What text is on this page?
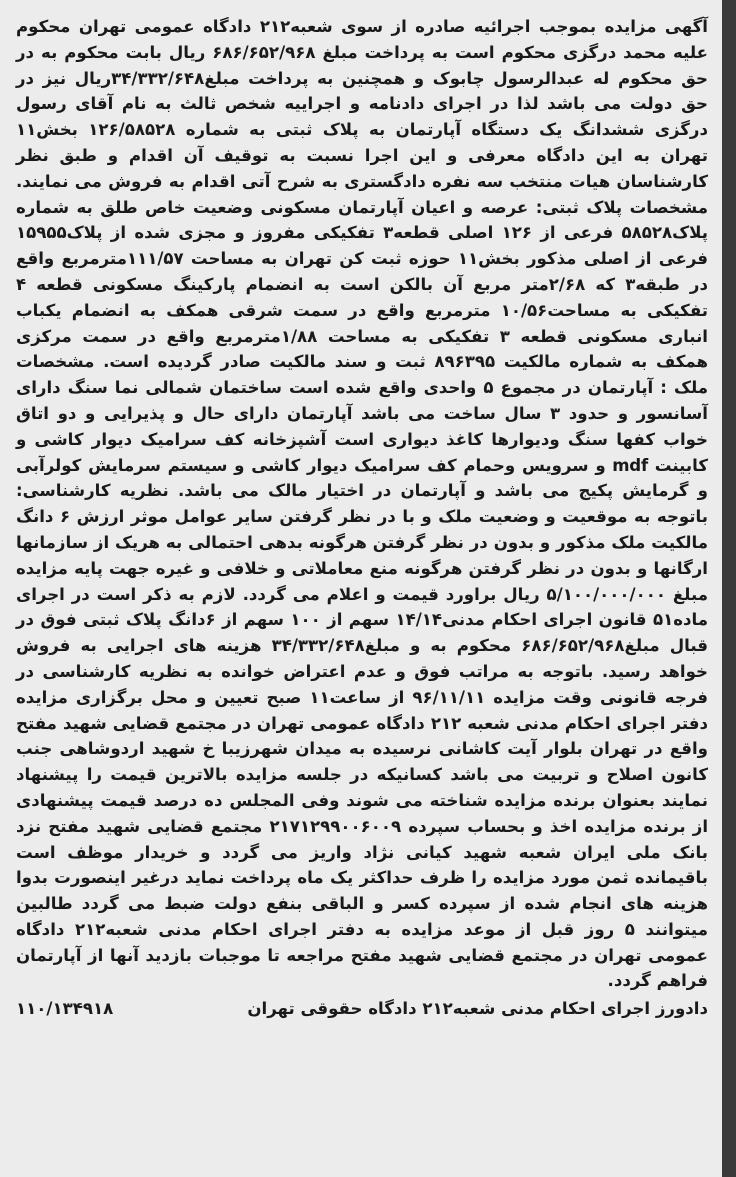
آگهی مزایده بموجب اجرائیه صادره از سوی شعبه۲۱۲ دادگاه عمومی تهران محکوم علیه محمد درگزی محکوم است به پرداخت مبلغ ۶۸۶/۶۵۲/۹۶۸ ریال بابت محکوم به در حق محکوم له عبدالرسول چابوک و همچنین به پرداخت مبلغ۳۴/۳۳۲/۶۴۸ریال نیز در حق دولت می باشد لذا در اجرای دادنامه و اجراییه شخص ثالث به نام آقای رسول درگزی ششدانگ یک دستگاه آپارتمان به پلاک ثبتی به شماره ۱۲۶/۵۸۵۲۸ بخش۱۱ تهران به این دادگاه معرفی و این اجرا نسبت به توقیف آن اقدام و طبق نظر کارشناسان هیات منتخب سه نفره دادگستری به شرح آتی اقدام به فروش می نمایند. مشخصات پلاک ثبتی: عرصه و اعیان آپارتمان مسکونی وضعیت خاص طلق به شماره پلاک۵۸۵۲۸ فرعی از ۱۲۶ اصلی قطعه۳ تفکیکی مفروز و مجزی شده از پلاک۱۵۹۵۵ فرعی از اصلی مذکور بخش۱۱ حوزه ثبت کن تهران به مساحت ۱۱۱/۵۷مترمربع واقع در طبقه۳ که ۲/۶۸متر مربع آن بالکن است به انضمام پارکینگ مسکونی قطعه ۴ تفکیکی به مساحت۱۰/۵۶ مترمربع واقع در سمت شرقی همکف به انضمام یکباب انباری مسکونی قطعه ۳ تفکیکی به مساحت ۱/۸۸مترمربع واقع در سمت مرکزی همکف به شماره مالکیت ۸۹۶۳۹۵ ثبت و سند مالکیت صادر گردیده است. مشخصات ملک : آپارتمان در مجموع ۵ واحدی واقع شده است ساختمان شمالی نما سنگ دارای آسانسور و حدود ۳ سال ساخت می باشد آپارتمان دارای حال و پذیرایی و دو اتاق خواب کفها سنگ ودیوارها کاغذ دیواری است آشپزخانه کف سرامیک دیوار کاشی و کابینت mdf و سرویس وحمام کف سرامیک دیوار کاشی و سیستم سرمایش کولرآبی و گرمایش پکیج می باشد و آپارتمان در اختیار مالک می باشد. نظریه کارشناسی: باتوجه به موقعیت و وضعیت ملک و با در نظر گرفتن سایر عوامل موثر ارزش ۶ دانگ مالکیت ملک مذکور و بدون در نظر گرفتن هرگونه بدهی احتمالی به هریک از سازمانها ارگانها و بدون در نظر گرفتن هرگونه منع معاملاتی و خلافی و غیره جهت پایه مزایده مبلغ ۵/۱۰۰/۰۰۰/۰۰۰ ریال براورد قیمت و اعلام می گردد. لازم به ذکر است در اجرای ماده۵۱ قانون اجرای احکام مدنی۱۴/۱۴ سهم از ۱۰۰ سهم از ۶دانگ پلاک ثبتی فوق در قبال مبلغ۶۸۶/۶۵۲/۹۶۸ محکوم به و مبلغ۳۴/۳۳۲/۶۴۸ هزینه های اجرایی به فروش خواهد رسید. باتوجه به مراتب فوق و عدم اعتراض خوانده به نظریه کارشناسی در فرجه قانونی وقت مزایده ۹۶/۱۱/۱۱ از ساعت۱۱ صبح تعیین و محل برگزاری مزایده دفتر اجرای احکام مدنی شعبه ۲۱۲ دادگاه عمومی تهران در مجتمع قضایی شهید مفتح واقع در تهران بلوار آیت کاشانی نرسیده به میدان شهرزیبا خ شهید اردوشاهی جنب کانون اصلاح و تربیت می باشد کسانیکه در جلسه مزایده بالاترین قیمت را پیشنهاد نمایند بعنوان برنده مزایده شناخته می شوند وفی المجلس ده درصد قیمت پیشنهادی از برنده مزایده اخذ و بحساب سپرده ۲۱۷۱۲۹۹۰۰۶۰۰۹ مجتمع قضایی شهید مفتح نزد بانک ملی ایران شعبه شهید کیانی نژاد واریز می گردد و خریدار موظف است باقیمانده ثمن مورد مزایده را ظرف حداکثر یک ماه پرداخت نماید درغیر اینصورت بدوا هزینه های انجام شده از سپرده کسر و الباقی بنفع دولت ضبط می گردد طالبین میتوانند ۵ روز قبل از موعد مزایده به دفتر اجرای احکام مدنی شعبه۲۱۲ دادگاه عمومی تهران در مجتمع قضایی شهید مفتح مراجعه تا موجبات بازدید آنها از آپارتمان فراهم گردد.

دادورز اجرای احکام مدنی شعبه۲۱۲ دادگاه حقوقی تهران
۱۱۰/۱۳۴۹۱۸
